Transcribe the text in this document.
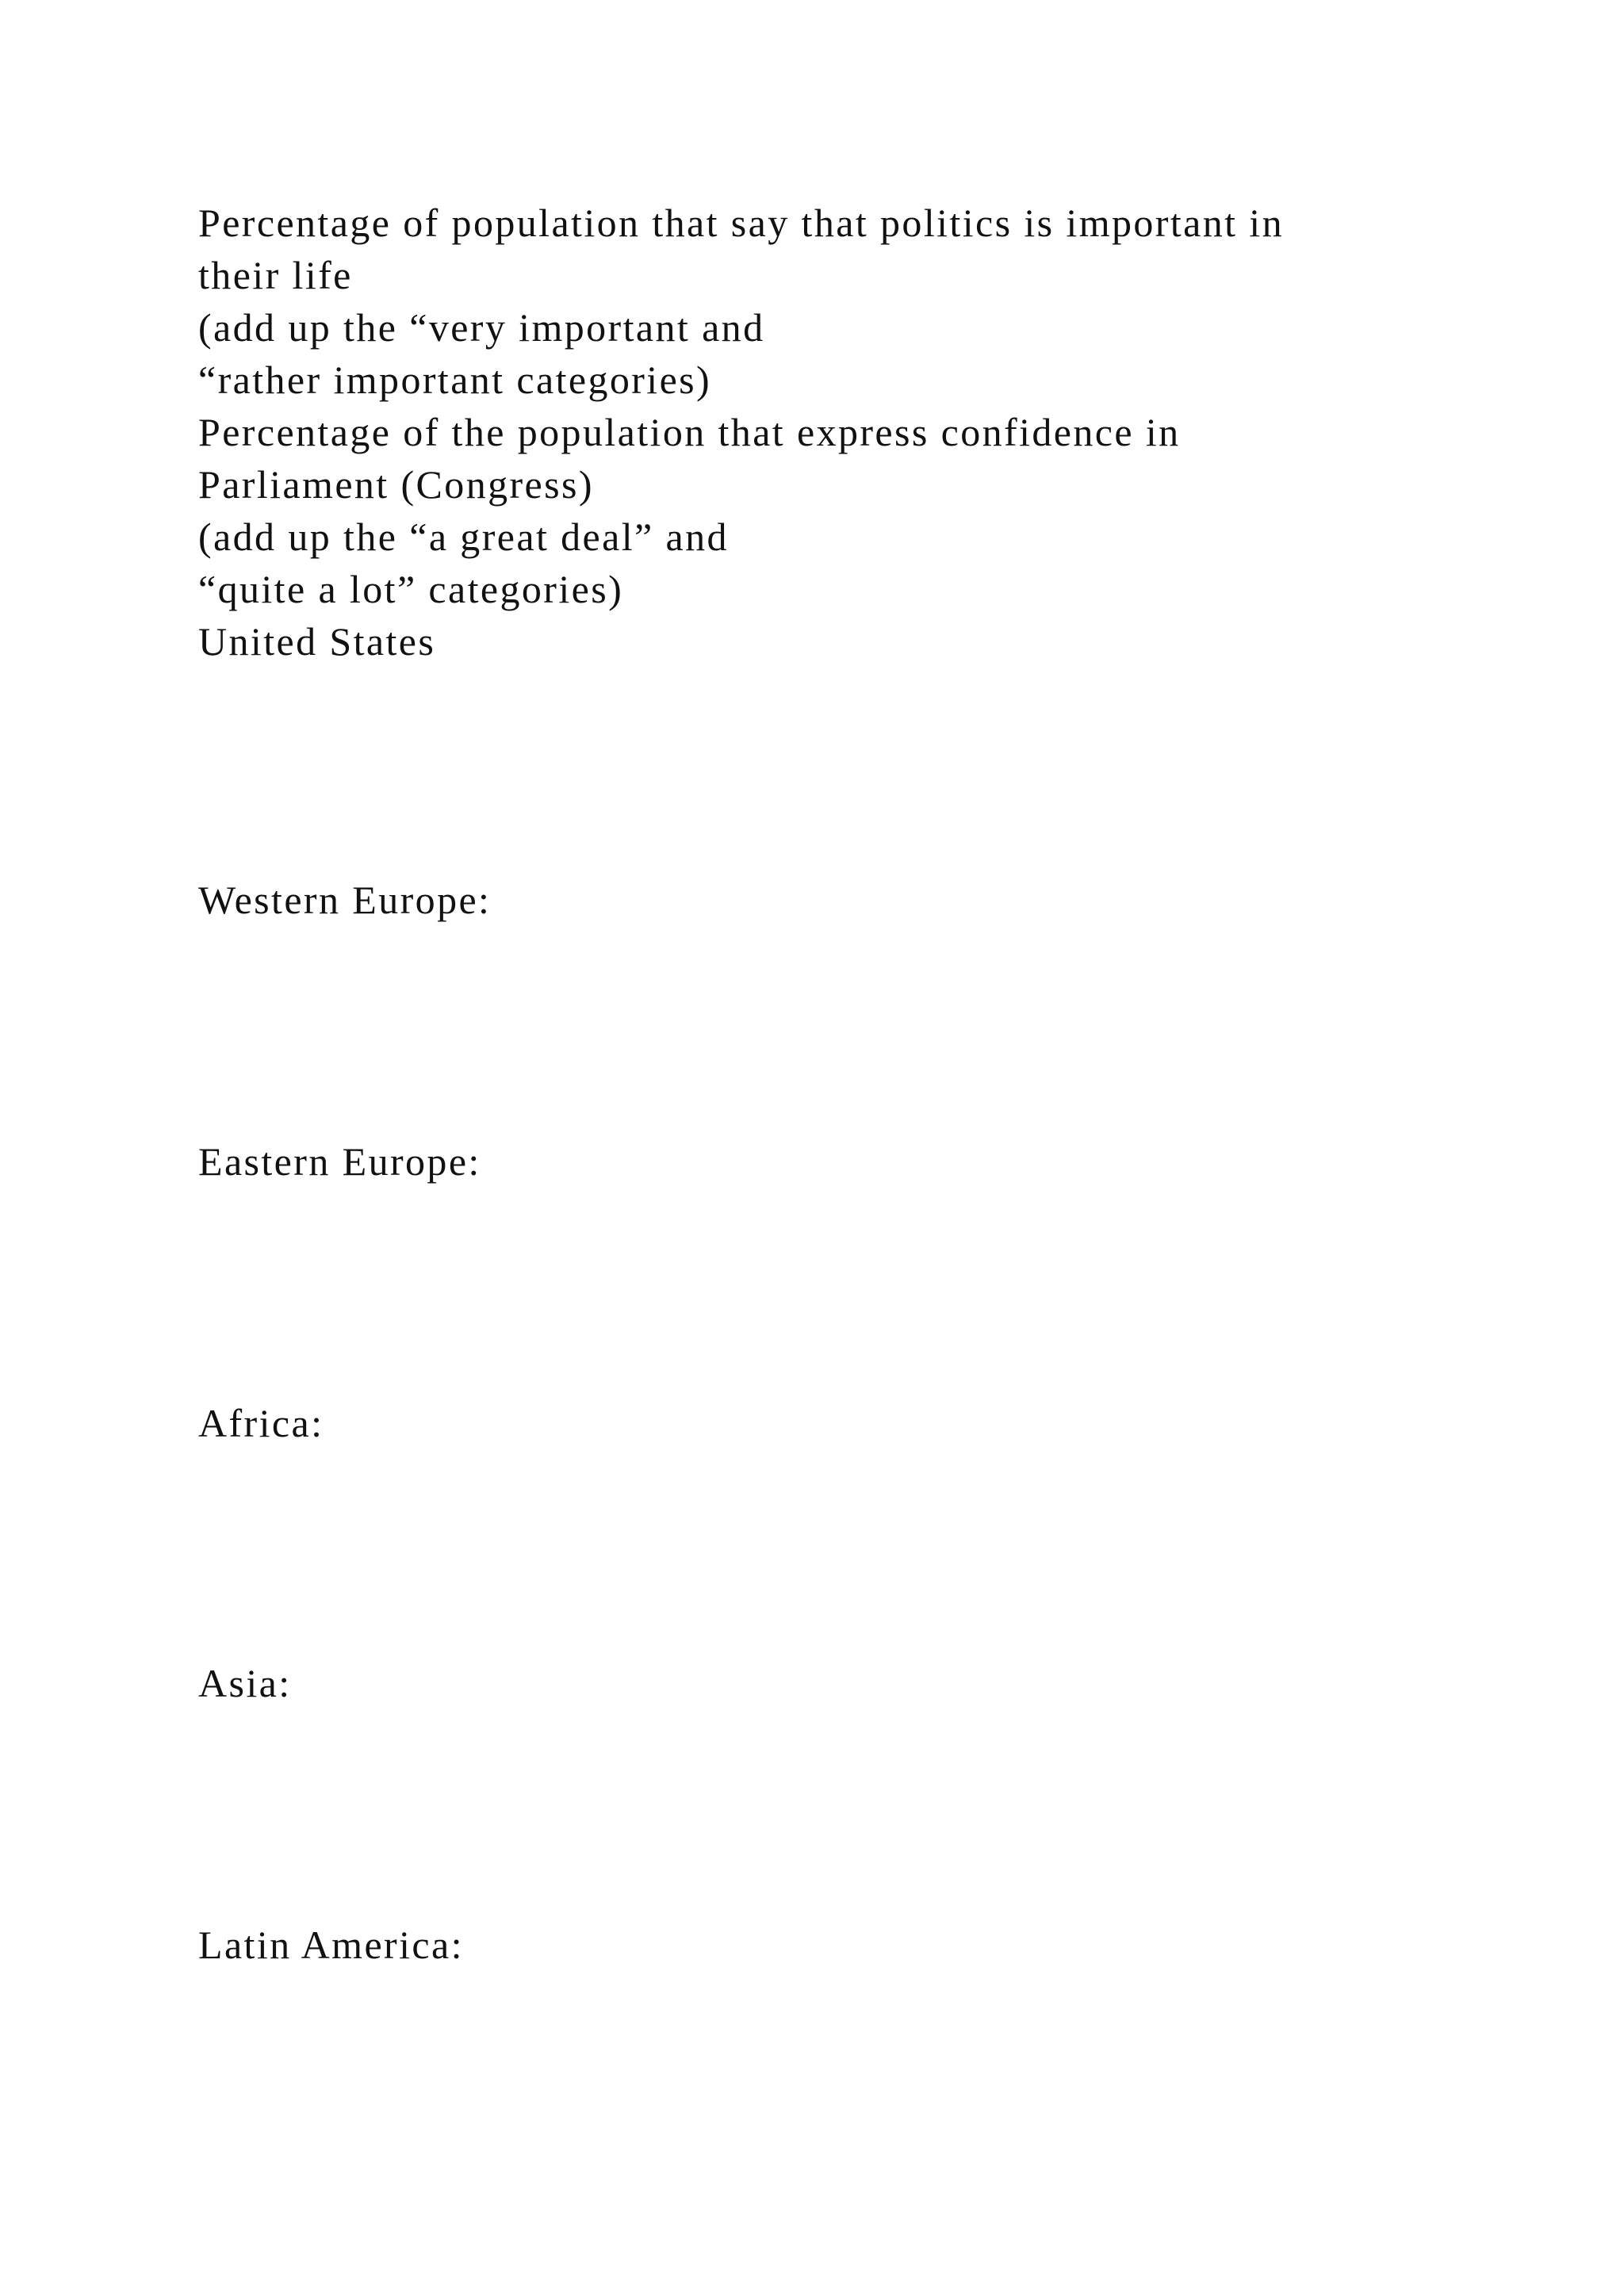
Percentage of population that say that politics is important in

their life

(add up the “very important and

“rather important categories)

Percentage of the population that express confidence in

Parliament (Congress)

(add up the “a great deal” and

“quite a lot” categories)

United States

Western Europe:

Eastern Europe:

Africa:

Asia:

Latin America:
